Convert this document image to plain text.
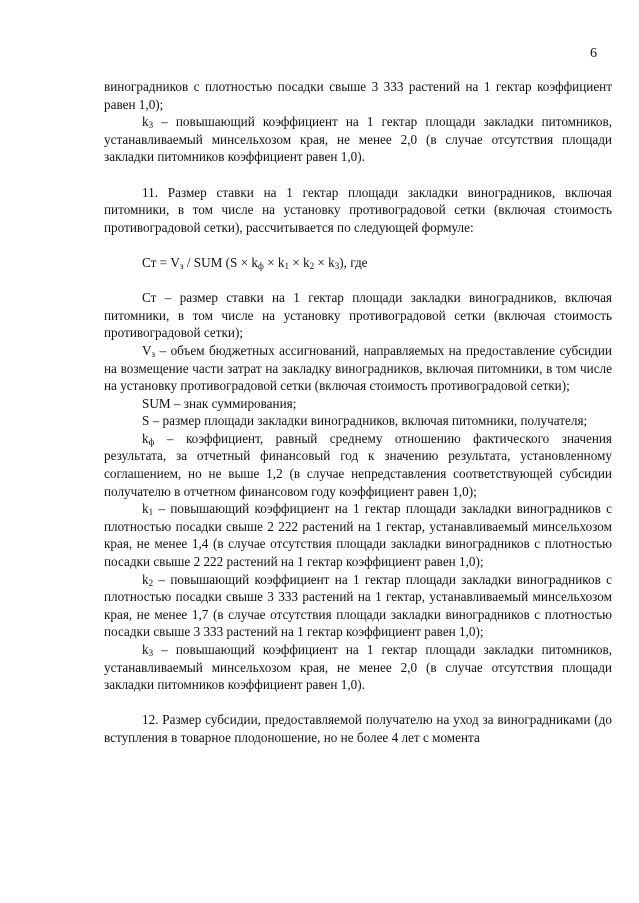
6

виноградников с плотностью посадки свыше 3 333 растений на 1 гектар коэффициент равен 1,0);

$k_3$ – повышающий коэффициент на 1 гектар площади закладки питомников, устанавливаемый минсельхозом края, не менее 2,0 (в случае отсутствия площади закладки питомников коэффициент равен 1,0).

11. Размер ставки на 1 гектар площади закладки виноградников, включая питомники, в том числе на установку противоградовой сетки (включая стоимость противоградовой сетки), рассчитывается по следующей формуле:

Ст = $V_з$ / SUM $(S \times k_ф \times k_1 \times k_2 \times k_3)$, где

Ст – размер ставки на 1 гектар площади закладки виноградников, включая питомники, в том числе на установку противоградовой сетки (включая стоимость противоградовой сетки);

$V_з$ – объем бюджетных ассигнований, направляемых на предоставление субсидии на возмещение части затрат на закладку виноградников, включая питомники, в том числе на установку противоградовой сетки (включая стоимость противоградовой сетки);

SUM – знак суммирования;

S – размер площади закладки виноградников, включая питомники, получателя;

$k_ф$ – коэффициент, равный среднему отношению фактического значения результата, за отчетный финансовый год к значению результата, установленному соглашением, но не выше 1,2 (в случае непредставления соответствующей субсидии получателю в отчетном финансовом году коэффициент равен 1,0);

$k_1$ – повышающий коэффициент на 1 гектар площади закладки виноградников с плотностью посадки свыше 2 222 растений на 1 гектар, устанавливаемый минсельхозом края, не менее 1,4 (в случае отсутствия площади закладки виноградников с плотностью посадки свыше 2 222 растений на 1 гектар коэффициент равен 1,0);

$k_2$ – повышающий коэффициент на 1 гектар площади закладки виноградников с плотностью посадки свыше 3 333 растений на 1 гектар, устанавливаемый минсельхозом края, не менее 1,7 (в случае отсутствия площади закладки виноградников с плотностью посадки свыше 3 333 растений на 1 гектар коэффициент равен 1,0);

$k_3$ – повышающий коэффициент на 1 гектар площади закладки питомников, устанавливаемый минсельхозом края, не менее 2,0 (в случае отсутствия площади закладки питомников коэффициент равен 1,0).

12. Размер субсидии, предоставляемой получателю на уход за виноградниками (до вступления в товарное плодоношение, но не более 4 лет с момента
